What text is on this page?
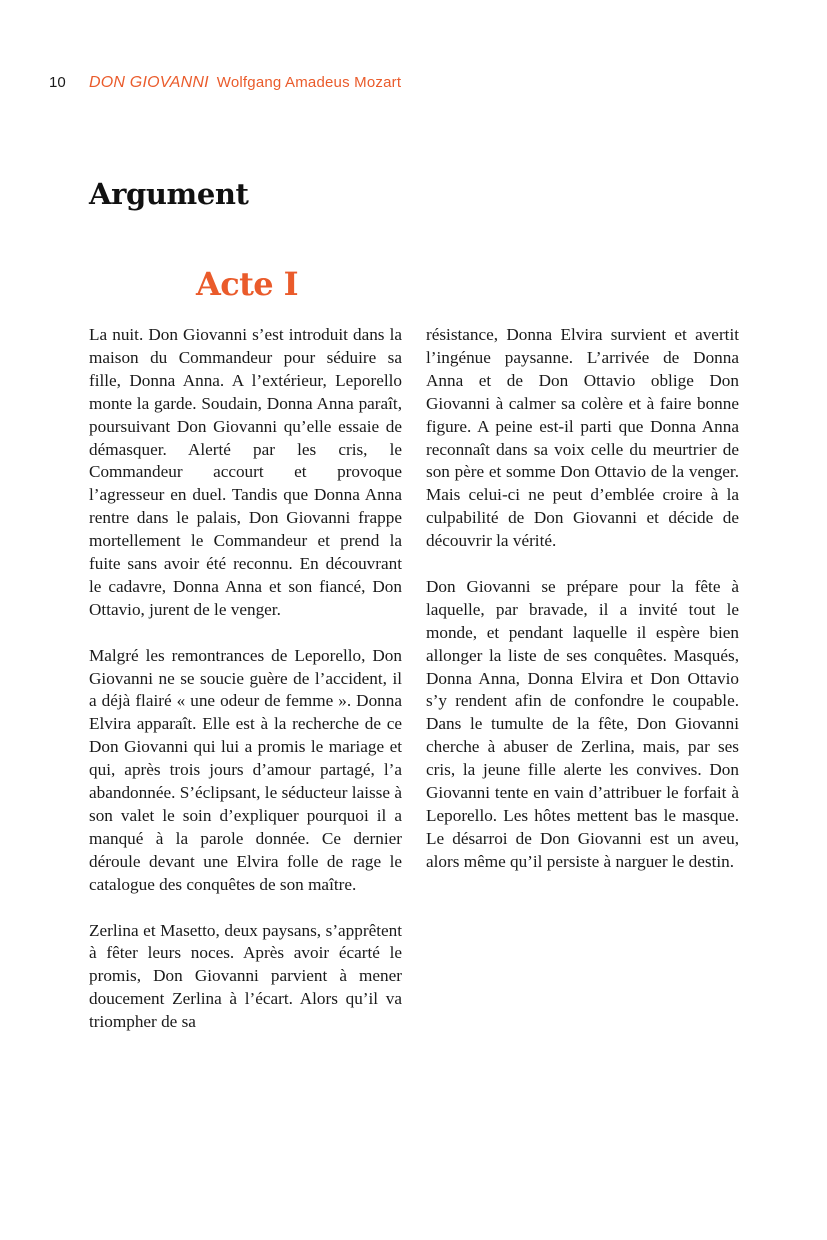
10 DON GIOVANNI Wolfgang Amadeus Mozart
Argument
Acte I

La nuit. Don Giovanni s’est introduit dans la maison du Commandeur pour séduire sa fille, Donna Anna. A l’extérieur, Leporello monte la garde. Soudain, Donna Anna paraît, poursuivant Don Giovanni qu’elle essaie de démasquer. Alerté par les cris, le Commandeur accourt et provoque l’agresseur en duel. Tandis que Donna Anna rentre dans le palais, Don Giovanni frappe mortellement le Commandeur et prend la fuite sans avoir été reconnu. En découvrant le cadavre, Donna Anna et son fiancé, Don Ottavio, jurent de le venger.

Malgré les remontrances de Leporello, Don Giovanni ne se soucie guère de l’accident, il a déjà flairé « une odeur de femme ». Donna Elvira apparaît. Elle est à la recherche de ce Don Giovanni qui lui a promis le mariage et qui, après trois jours d’amour partagé, l’a abandonnée. S’éclipsant, le séducteur laisse à son valet le soin d’expliquer pourquoi il a manqué à la parole donnée. Ce dernier déroule devant une Elvira folle de rage le catalogue des conquêtes de son maître.

Zerlina et Masetto, deux paysans, s’apprêtent à fêter leurs noces. Après avoir écarté le promis, Don Giovanni parvient à mener doucement Zerlina à l’écart. Alors qu’il va triompher de sa

résistance, Donna Elvira survient et avertit l’ingénue paysanne. L’arrivée de Donna Anna et de Don Ottavio oblige Don Giovanni à calmer sa colère et à faire bonne figure. A peine est-il parti que Donna Anna reconnaît dans sa voix celle du meurtrier de son père et somme Don Ottavio de la venger. Mais celui-ci ne peut d’emblée croire à la culpabilité de Don Giovanni et décide de découvrir la vérité.

Don Giovanni se prépare pour la fête à laquelle, par bravade, il a invité tout le monde, et pendant laquelle il espère bien allonger la liste de ses conquêtes. Masqués, Donna Anna, Donna Elvira et Don Ottavio s’y rendent afin de confondre le coupable. Dans le tumulte de la fête, Don Giovanni cherche à abuser de Zerlina, mais, par ses cris, la jeune fille alerte les convives. Don Giovanni tente en vain d’attribuer le forfait à Leporello. Les hôtes mettent bas le masque. Le désarroi de Don Giovanni est un aveu, alors même qu’il persiste à narguer le destin.
